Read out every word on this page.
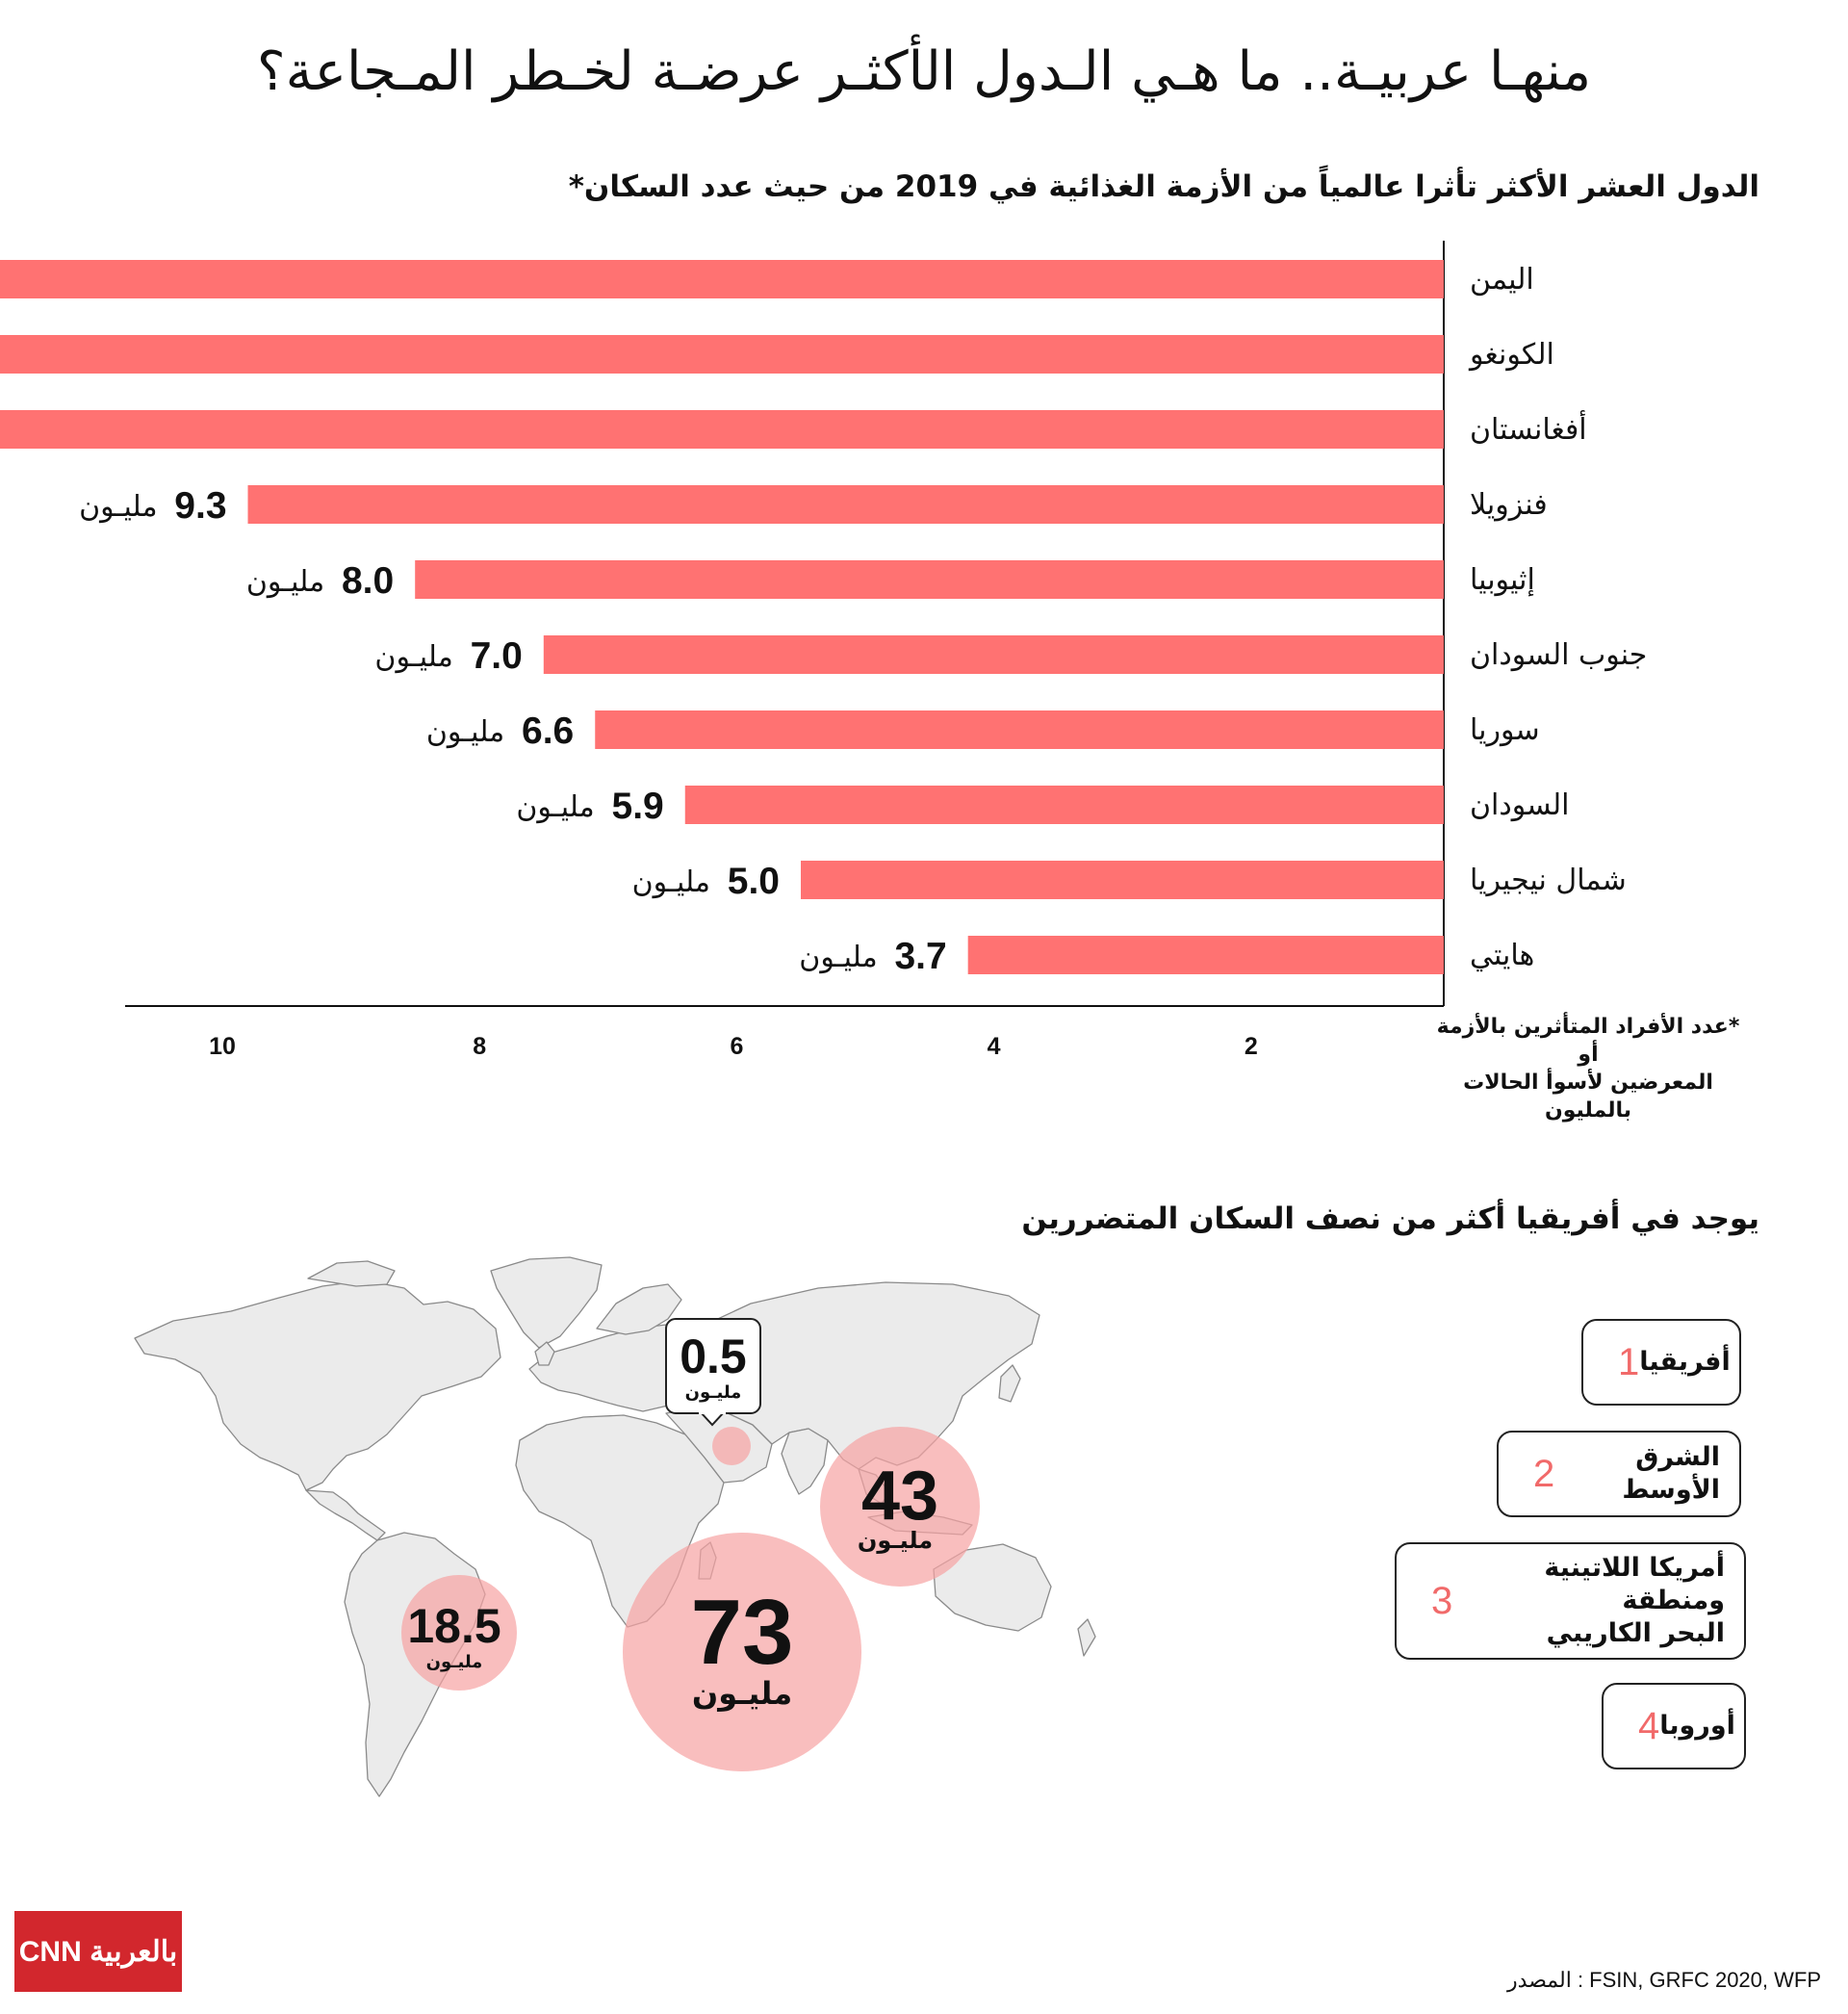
منهـا عربيـة.. ما هـي الـدول الأكثـر عرضـة لخـطر المـجاعة؟
الدول العشر الأكثر تأثرا عالمياً من الأزمة الغذائية في 2019 من حيث عدد السكان*
اليمن
الكونغو
أفغانستان
فنزويلا
9.3
مليـون
إثيوبيا
8.0
مليـون
جنوب السودان
7.0
مليـون
سوريا
6.6
مليـون
السودان
5.9
مليـون
شمال نيجيريا
5.0
مليـون
هايتي
3.7
مليـون
2
4
6
8
10
*عدد الأفراد المتأثرين بالأزمة أو
المعرضين لأسوأ الحالات
بالمليون
يوجد في أفريقيا أكثر من نصف السكان المتضررين
73
مليـون
43
مليـون
18.5
مليـون
0.5
مليـون
1 أفريقيا
2	الشرق الأوسط
3
أمريكا اللاتينية ومنطقة
البحر الكاريبي
4 أوروبا
CNN بالعربية
المصدر : FSIN, GRFC 2020, WFP
